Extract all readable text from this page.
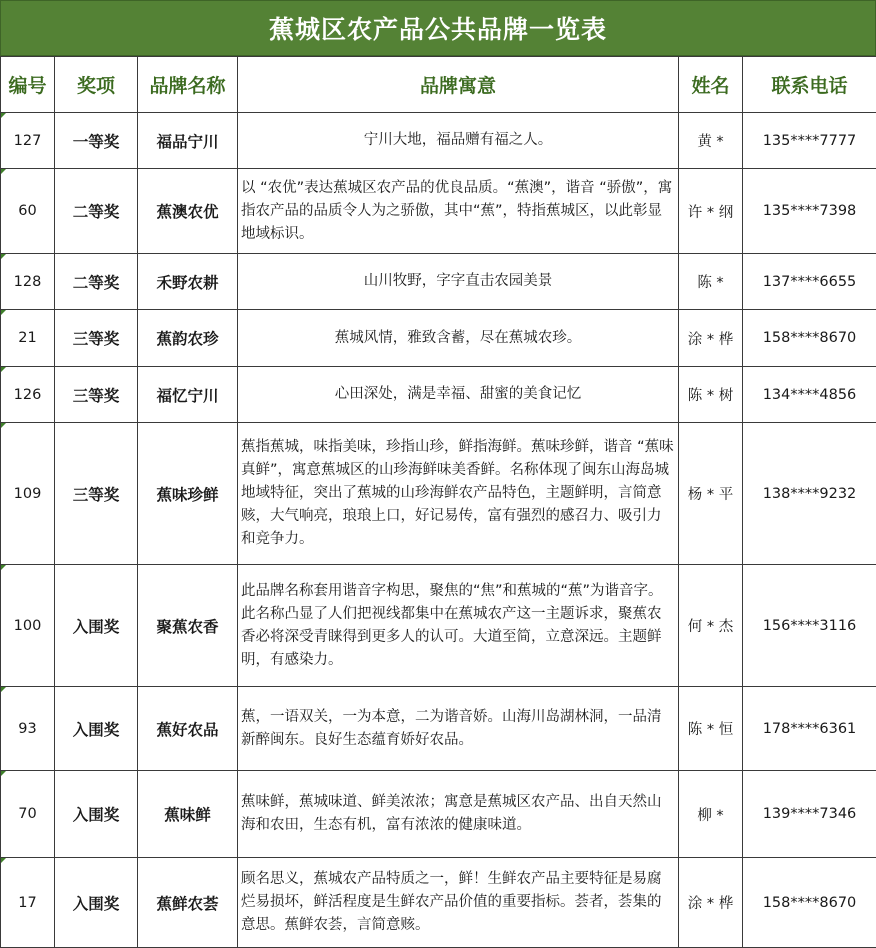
蕉城区农产品公共品牌一览表
编号	奖项	品牌名称	品牌寓意	姓名	联系电话
127	一等奖	福品宁川	宁川大地，福品赠有福之人。	黄 *	135****7777
60	二等奖	蕉澳农优	以 “农优”表达蕉城区农产品的优良品质。“蕉澳”，谐音 “骄傲”，寓指农产品的品质令人为之骄傲，其中“蕉”，特指蕉城区，以此彰显地域标识。	许 * 纲	135****7398
128	二等奖	禾野农耕	山川牧野，字字直击农园美景	陈 *	137****6655
21	三等奖	蕉韵农珍	蕉城风情，雅致含蓄，尽在蕉城农珍。	涂 * 桦	158****8670
126	三等奖	福忆宁川	心田深处，满是幸福、甜蜜的美食记忆	陈 * 树	134****4856
109	三等奖	蕉味珍鲜	蕉指蕉城，味指美味，珍指山珍，鲜指海鲜。蕉味珍鲜，谐音 “蕉味真鲜”，寓意蕉城区的山珍海鲜味美香鲜。名称体现了闽东山海岛城地域特征，突出了蕉城的山珍海鲜农产品特色，主题鲜明，言简意赅，大气响亮，琅琅上口，好记易传，富有强烈的感召力、吸引力和竞争力。	杨 * 平	138****9232
100	入围奖	聚蕉农香	此品牌名称套用谐音字构思，聚焦的“焦”和蕉城的“蕉”为谐音字。此名称凸显了人们把视线都集中在蕉城农产这一主题诉求，聚蕉农香必将深受青睐得到更多人的认可。大道至简，立意深远。主题鲜明，有感染力。	何 * 杰	156****3116
93	入围奖	蕉好农品	蕉，一语双关，一为本意，二为谐音娇。山海川岛湖林洞，一品清新醉闽东。良好生态蕴育娇好农品。	陈 * 恒	178****6361
70	入围奖	蕉味鲜	蕉味鲜，蕉城味道、鲜美浓浓；寓意是蕉城区农产品、出自天然山海和农田，生态有机，富有浓浓的健康味道。	柳 *	139****7346
17	入围奖	蕉鲜农荟	顾名思义，蕉城农产品特质之一，鲜！生鲜农产品主要特征是易腐烂易损坏，鲜活程度是生鲜农产品价值的重要指标。荟者，荟集的意思。蕉鲜农荟，言简意赅。	涂 * 桦	158****8670
